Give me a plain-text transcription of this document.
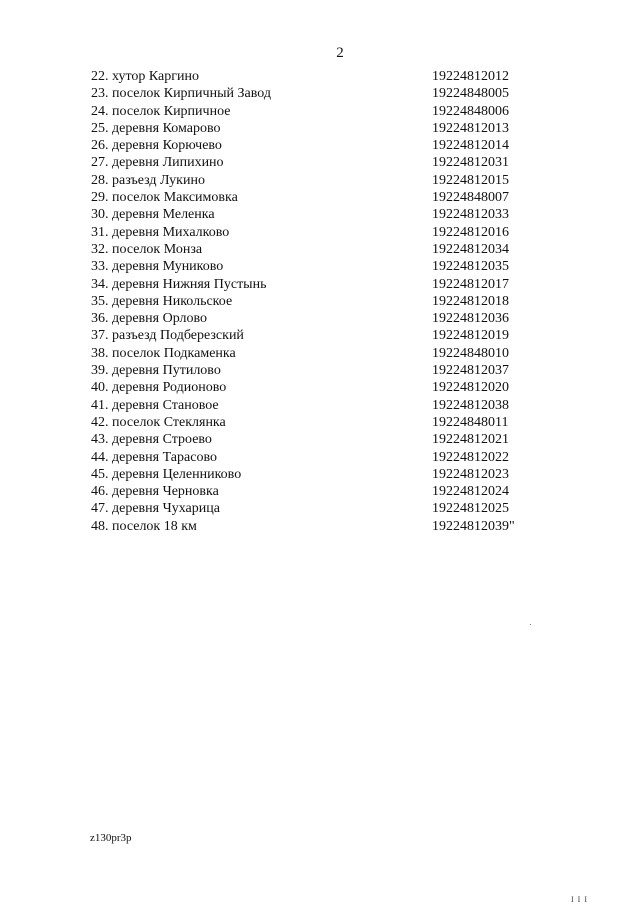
2
22. хутор Каргино	19224812012
23. поселок Кирпичный Завод	19224848005
24. поселок Кирпичное	19224848006
25. деревня Комарово	19224812013
26. деревня Корючево	19224812014
27. деревня Липихино	19224812031
28. разъезд Лукино	19224812015
29. поселок Максимовка	19224848007
30. деревня Меленка	19224812033
31. деревня Михалково	19224812016
32. поселок Монза	19224812034
33. деревня Муниково	19224812035
34. деревня Нижняя Пустынь	19224812017
35. деревня Никольское	19224812018
36. деревня Орлово	19224812036
37. разъезд Подберезский	19224812019
38. поселок Подкаменка	19224848010
39. деревня Путилово	19224812037
40. деревня Родионово	19224812020
41. деревня Становое	19224812038
42. поселок Стеклянка	19224848011
43. деревня Строево	19224812021
44. деревня Тарасово	19224812022
45. деревня Целенниково	19224812023
46. деревня Черновка	19224812024
47. деревня Чухарица	19224812025
48. поселок 18 км	19224812039"
z130pr3p
I I I
